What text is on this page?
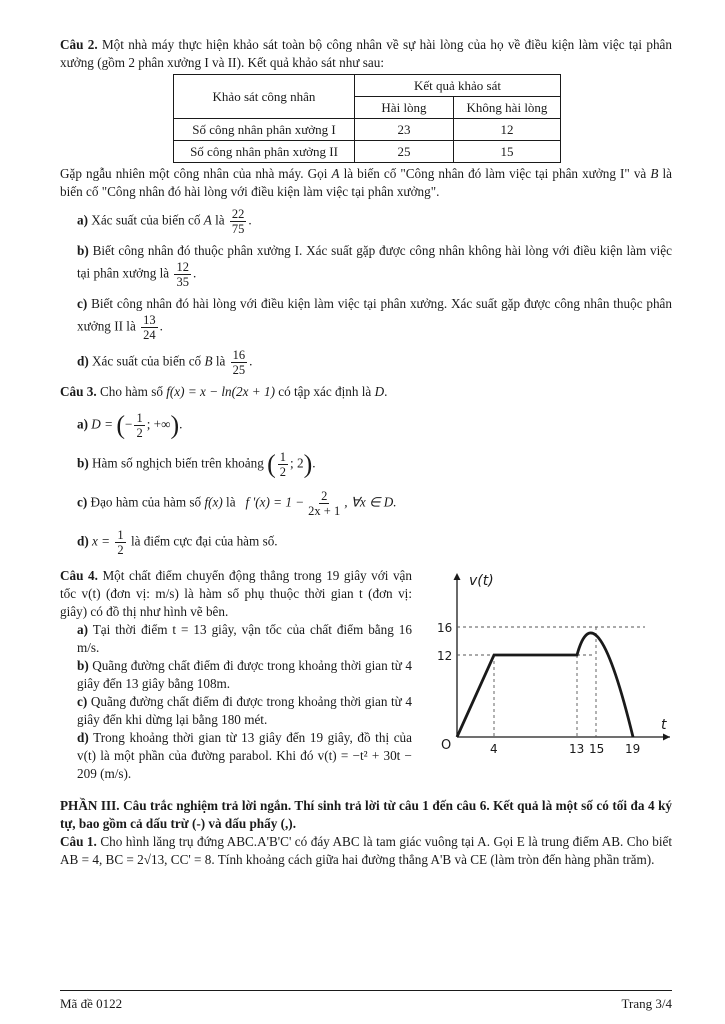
Câu 2. Một nhà máy thực hiện khảo sát toàn bộ công nhân về sự hài lòng của họ về điều kiện làm việc tại phân xưởng (gồm 2 phân xưởng I và II). Kết quả khảo sát như sau:

Khảo sát công nhân	Kết quả khảo sát	
	Hài lòng	Không hài lòng
Số công nhân phân xưởng I	23	12
Số công nhân phân xưởng II	25	15

Gặp ngẫu nhiên một công nhân của nhà máy. Gọi A là biến cố "Công nhân đó làm việc tại phân xưởng I" và B là biến cố "Công nhân đó hài lòng với điều kiện làm việc tại phân xưởng".

a) Xác suất của biến cố A là $\frac{22}{75}$ .

b) Biết công nhân đó thuộc phân xưởng I. Xác suất gặp được công nhân không hài lòng với điều kiện làm việc tại phân xưởng là $\frac{12}{35}$ .

c) Biết công nhân đó hài lòng với điều kiện làm việc tại phân xưởng. Xác suất gặp được công nhân thuộc phân xưởng II là $\frac{13}{24}$ .

d) Xác suất của biến cố B là $\frac{16}{25}$ .

Câu 3. Cho hàm số f(x) = x − ln(2x + 1) có tập xác định là D.

a) D = (− $\frac{1}{2}$ ; +∞).

b) Hàm số nghịch biến trên khoảng ( $\frac{1}{2}$ ; 2).

c) Đạo hàm của hàm số f(x) là f '$(x) = 1 - \frac{2}{2x + 1}$ , ∀x ∈ D.

d) $x = \frac{1}{2}$ là điểm cực đại của hàm số.

Câu 4. Một chất điểm chuyển động thẳng trong 19 giây với vận tốc v(t) (đơn vị: m/s) là hàm số phụ thuộc thời gian t (đơn vị: giây) có đồ thị như hình vẽ bên.

a) Tại thời điểm t = 13 giây, vận tốc của chất điểm bằng 16 m/s.

b) Quãng đường chất điểm đi được trong khoảng thời gian từ 4 giây đến 13 giây bằng 108m.

c) Quãng đường chất điểm đi được trong khoảng thời gian từ 4 giây đến khi dừng lại bằng 180 mét.

d) Trong khoảng thời gian từ 13 giây đến 19 giây, đồ thị của v(t) là một phần của đường parabol. Khi đó v(t) = −t² + 30t − 209 (m/s).

v(t)
t
O
16
12
4	13 15 19

PHẦN III. Câu trắc nghiệm trả lời ngắn. Thí sinh trả lời từ câu 1 đến câu 6. Kết quả là một số có tối đa 4 ký tự, bao gồm cả dấu trừ (-) và dấu phẩy (,).

Câu 1. Cho hình lăng trụ đứng ABC.A'B'C' có đáy ABC là tam giác vuông tại A. Gọi E là trung điểm AB. Cho biết AB = 4, BC = 2√13, CC' = 8. Tính khoảng cách giữa hai đường thẳng A'B và CE (làm tròn đến hàng phần trăm).

Mã đề 0122	Trang 3/4
